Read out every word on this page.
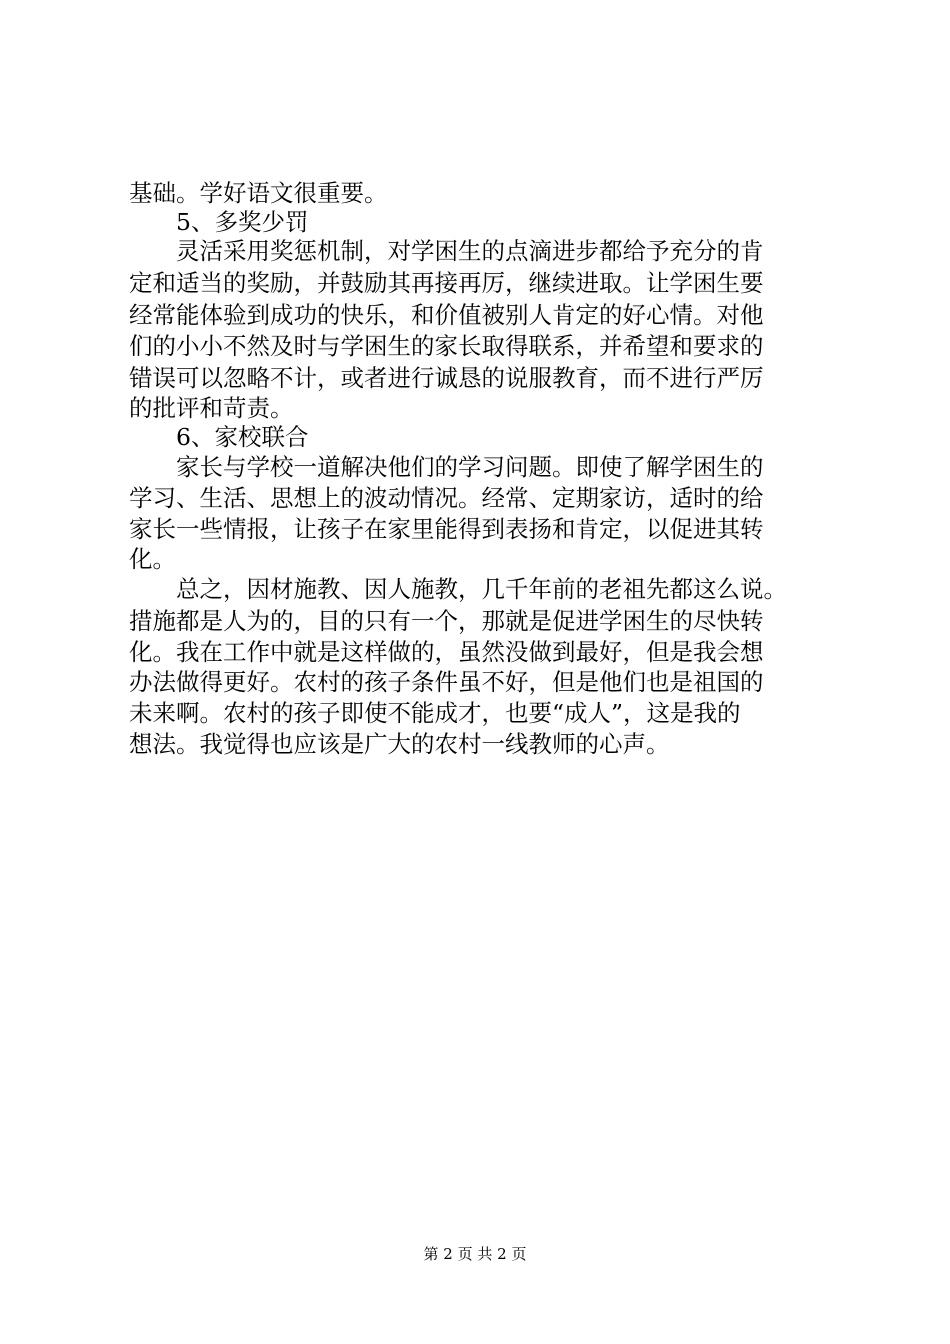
基础。学好语文很重要。
5、多奖少罚
灵活采用奖惩机制，对学困生的点滴进步都给予充分的肯
定和适当的奖励，并鼓励其再接再厉，继续进取。让学困生要
经常能体验到成功的快乐，和价值被别人肯定的好心情。对他
们的小小不然及时与学困生的家长取得联系，并希望和要求的
错误可以忽略不计，或者进行诚恳的说服教育，而不进行严厉
的批评和苛责。
6、家校联合
家长与学校一道解决他们的学习问题。即使了解学困生的
学习、生活、思想上的波动情况。经常、定期家访，适时的给
家长一些情报，让孩子在家里能得到表扬和肯定，以促进其转
化。
总之，因材施教、因人施教，几千年前的老祖先都这么说。
措施都是人为的，目的只有一个，那就是促进学困生的尽快转
化。我在工作中就是这样做的，虽然没做到最好，但是我会想
办法做得更好。农村的孩子条件虽不好，但是他们也是祖国的
未来啊。农村的孩子即使不能成才，也要“成人”，这是我的
想法。我觉得也应该是广大的农村一线教师的心声。
第 2 页 共 2 页
